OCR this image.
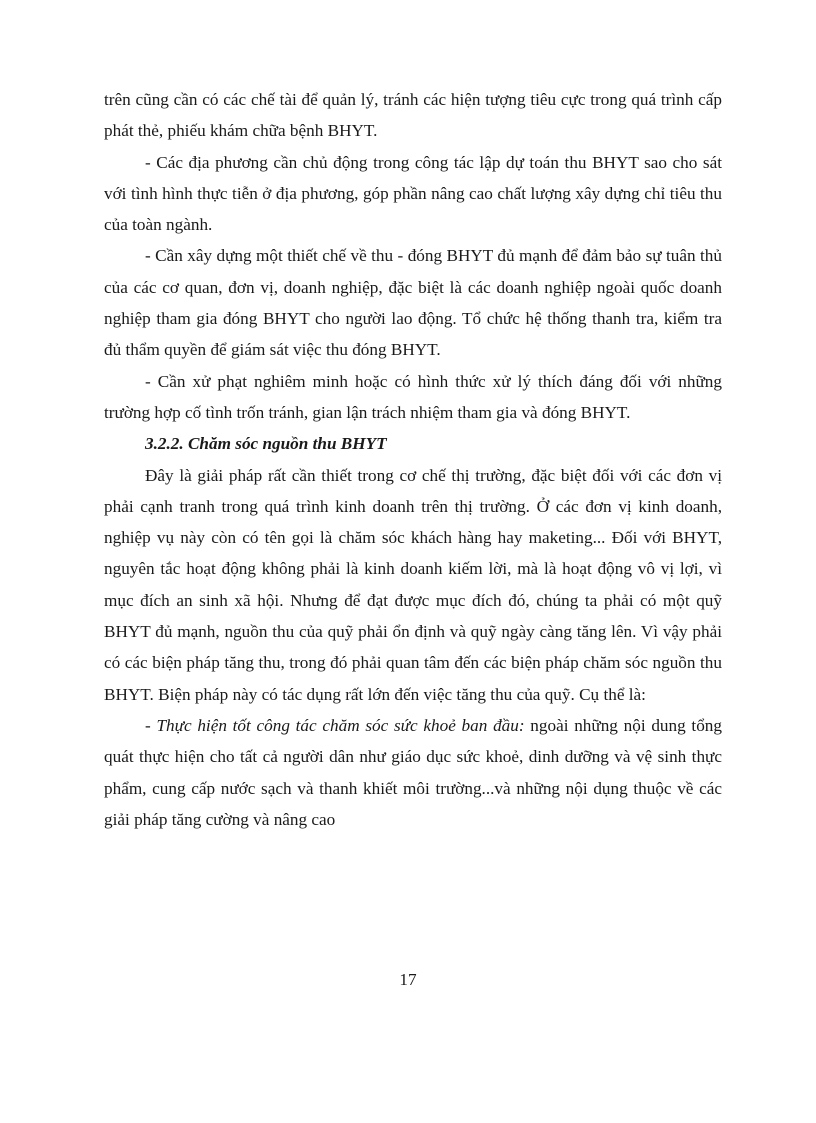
trên cũng cần có các chế tài để quản lý, tránh các hiện tượng tiêu cực trong quá trình cấp phát thẻ, phiếu khám chữa bệnh BHYT.

- Các địa phương cần chủ động trong công tác lập dự toán thu BHYT sao cho sát với tình hình thực tiễn ở địa phương, góp phần nâng cao chất lượng xây dựng chỉ tiêu thu của toàn ngành.

- Cần xây dựng một thiết chế về thu - đóng BHYT đủ mạnh để đảm bảo sự tuân thủ của các cơ quan, đơn vị, doanh nghiệp, đặc biệt là các doanh nghiệp ngoài quốc doanh nghiệp tham gia đóng BHYT cho người lao động. Tổ chức hệ thống thanh tra, kiểm tra đủ thẩm quyền để giám sát việc thu đóng BHYT.

- Cần xử phạt nghiêm minh hoặc có hình thức xử lý thích đáng đối với những trường hợp cố tình trốn tránh, gian lận trách nhiệm tham gia và đóng BHYT.

3.2.2. Chăm sóc nguồn thu BHYT

Đây là giải pháp rất cần thiết trong cơ chế thị trường, đặc biệt đối với các đơn vị phải cạnh tranh trong quá trình kinh doanh trên thị trường. Ở các đơn vị kinh doanh, nghiệp vụ này còn có tên gọi là chăm sóc khách hàng hay maketing... Đối với BHYT, nguyên tắc hoạt động không phải là kinh doanh kiếm lời, mà là hoạt động vô vị lợi, vì mục đích an sinh xã hội. Nhưng để đạt được mục đích đó, chúng ta phải có một quỹ BHYT đủ mạnh, nguồn thu của quỹ phải ổn định và quỹ ngày càng tăng lên. Vì vậy phải có các biện pháp tăng thu, trong đó phải quan tâm đến các biện pháp chăm sóc nguồn thu BHYT. Biện pháp này có tác dụng rất lớn đến việc tăng thu của quỹ. Cụ thể là:

- Thực hiện tốt công tác chăm sóc sức khoẻ ban đầu: ngoài những nội dung tổng quát thực hiện cho tất cả người dân như giáo dục sức khoẻ, dinh dưỡng và vệ sinh thực phẩm, cung cấp nước sạch và thanh khiết môi trường...và những nội dụng thuộc về các giải pháp tăng cường và nâng cao

17
